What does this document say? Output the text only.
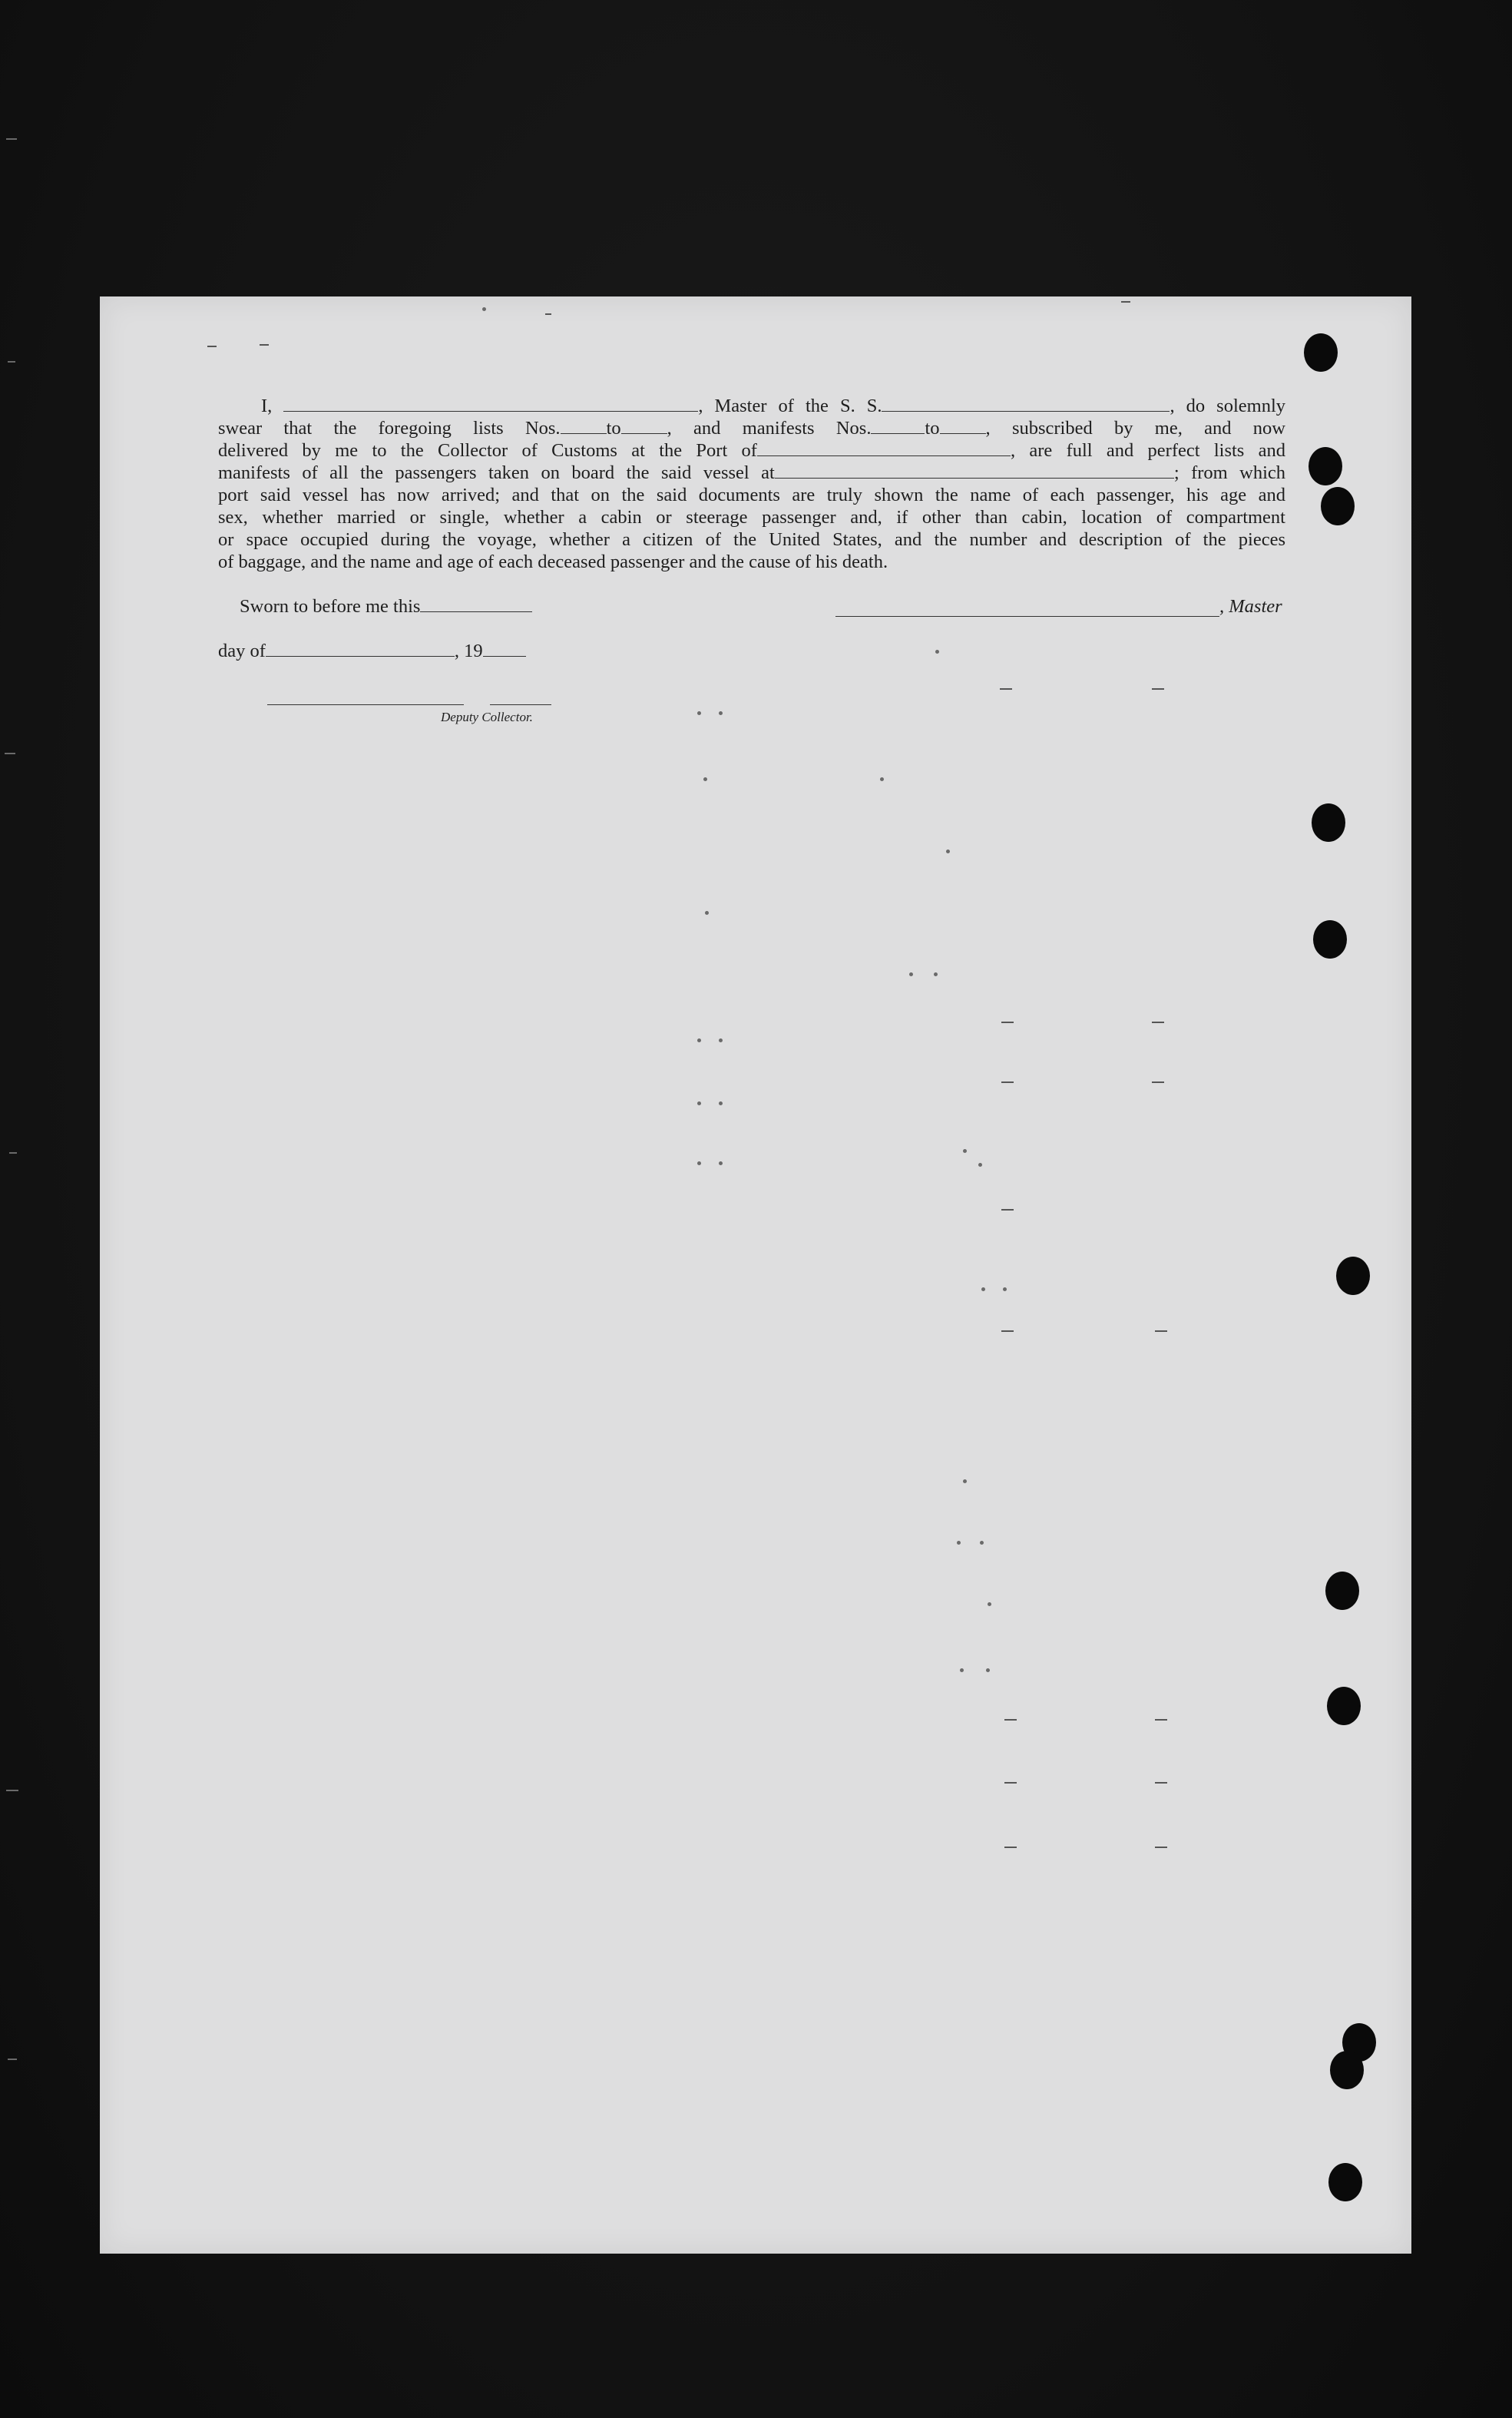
I,	, Master of the S. S.	, do solemnly
swear that the foregoing lists Nos. to , and manifests Nos.	to , subscribed by me, and now
delivered by me to the Collector of Customs at the Port of	, are full and perfect lists and
manifests of all the passengers taken on board the said vessel at	; from which
port said vessel has now arrived; and that on the said documents are truly shown the name of each passenger, his age and
sex, whether married or single, whether a cabin or steerage passenger and, if other than cabin, location of compartment
or space occupied during the voyage, whether a citizen of the United States, and the number and description of the pieces
of baggage, and the name and age of each deceased passenger and the cause of his death.
Sworn to before me this
day of	, 19
Deputy Collector.
, Master
